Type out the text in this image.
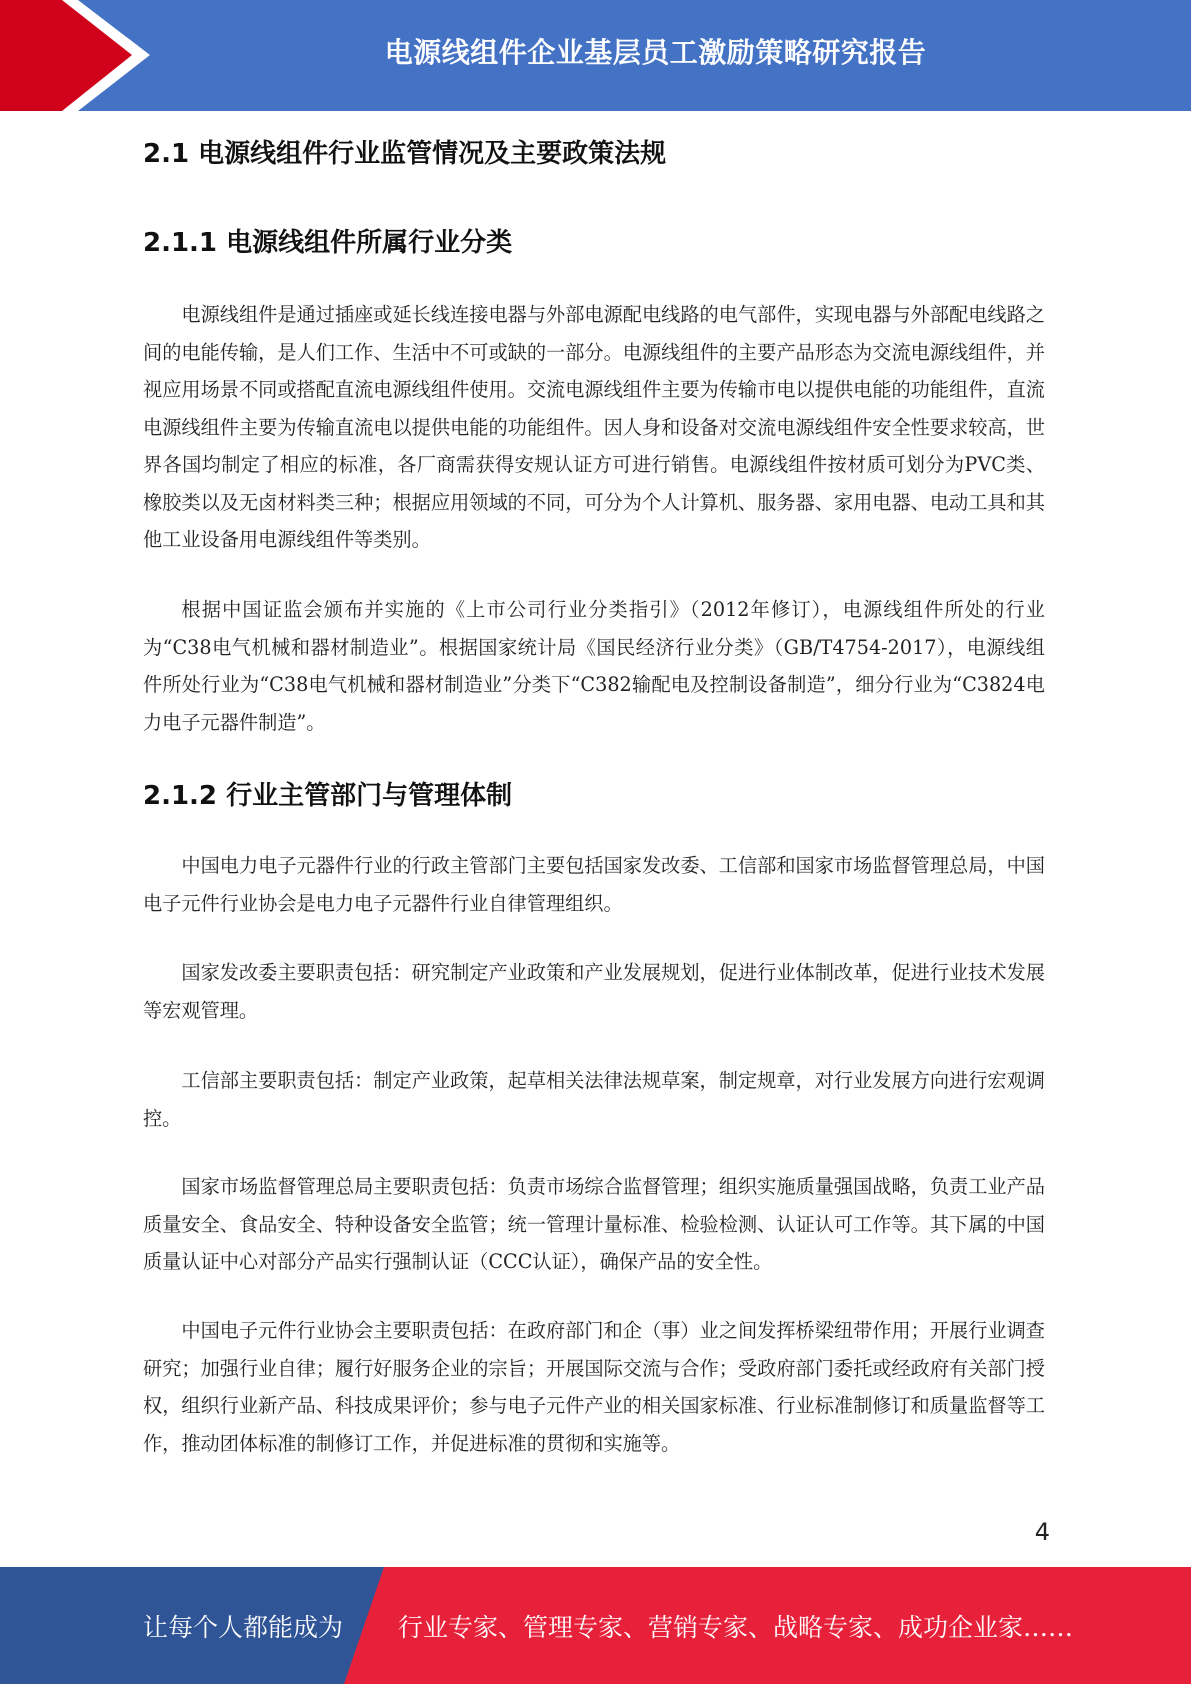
电源线组件企业基层员工激励策略研究报告
2.1 电源线组件行业监管情况及主要政策法规
2.1.1 电源线组件所属行业分类

电源线组件是通过插座或延长线连接电器与外部电源配电线路的电气部件，实现电器与外部配电线路之间的电能传输，是人们工作、生活中不可或缺的一部分。电源线组件的主要产品形态为交流电源线组件，并视应用场景不同或搭配直流电源线组件使用。交流电源线组件主要为传输市电以提供电能的功能组件，直流电源线组件主要为传输直流电以提供电能的功能组件。因人身和设备对交流电源线组件安全性要求较高，世界各国均制定了相应的标准，各厂商需获得安规认证方可进行销售。电源线组件按材质可划分为PVC类、橡胶类以及无卤材料类三种；根据应用领域的不同，可分为个人计算机、服务器、家用电器、电动工具和其他工业设备用电源线组件等类别。

根据中国证监会颁布并实施的《上市公司行业分类指引》（2012年修订），电源线组件所处的行业为“C38电气机械和器材制造业”。根据国家统计局《国民经济行业分类》（GB/T4754-2017），电源线组件所处行业为“C38电气机械和器材制造业”分类下“C382输配电及控制设备制造”，细分行业为“C3824电力电子元器件制造”。

2.1.2 行业主管部门与管理体制

中国电力电子元器件行业的行政主管部门主要包括国家发改委、工信部和国家市场监督管理总局，中国电子元件行业协会是电力电子元器件行业自律管理组织。

国家发改委主要职责包括：研究制定产业政策和产业发展规划，促进行业体制改革，促进行业技术发展等宏观管理。

工信部主要职责包括：制定产业政策，起草相关法律法规草案，制定规章，对行业发展方向进行宏观调控。

国家市场监督管理总局主要职责包括：负责市场综合监督管理；组织实施质量强国战略，负责工业产品质量安全、食品安全、特种设备安全监管；统一管理计量标准、检验检测、认证认可工作等。其下属的中国质量认证中心对部分产品实行强制认证（CCC认证），确保产品的安全性。

中国电子元件行业协会主要职责包括：在政府部门和企（事）业之间发挥桥梁纽带作用；开展行业调查研究；加强行业自律；履行好服务企业的宗旨；开展国际交流与合作；受政府部门委托或经政府有关部门授权，组织行业新产品、科技成果评价；参与电子元件产业的相关国家标准、行业标准制修订和质量监督等工作，推动团体标准的制修订工作，并促进标准的贯彻和实施等。

4
让每个人都能成为 行业专家、管理专家、营销专家、战略专家、成功企业家……
